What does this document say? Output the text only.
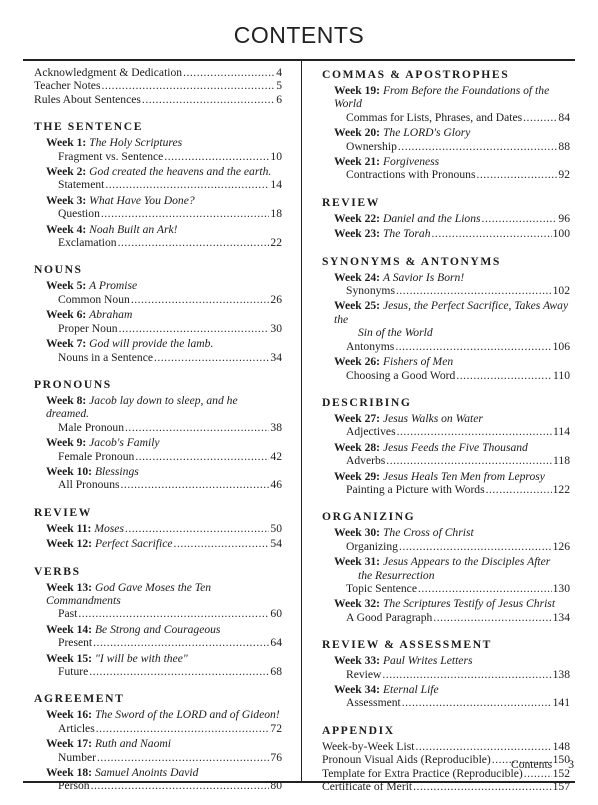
CONTENTS
Acknowledgment & Dedication .....	4
Teacher Notes .....	5
Rules About Sentences .....	6
THE SENTENCE
Week 1: The Holy Scriptures
Fragment vs. Sentence .....	10
Week 2: God created the heavens and the earth.
Statement .....	14
Week 3: What Have You Done?
Question .....	18
Week 4: Noah Built an Ark!
Exclamation .....	22
NOUNS
Week 5: A Promise
Common Noun .....	26
Week 6: Abraham
Proper Noun .....	30
Week 7: God will provide the lamb.
Nouns in a Sentence .....	34
PRONOUNS
Week 8: Jacob lay down to sleep, and he dreamed.
Male Pronoun .....	38
Week 9: Jacob's Family
Female Pronoun .....	42
Week 10: Blessings
All Pronouns .....	46
REVIEW
Week 11: Moses .....	50
Week 12: Perfect Sacrifice .....	54
VERBS
Week 13: God Gave Moses the Ten Commandments
Past .....	60
Week 14: Be Strong and Courageous
Present .....	64
Week 15: "I will be with thee"
Future .....	68
AGREEMENT
Week 16: The Sword of the LORD and of Gideon!
Articles .....	72
Week 17: Ruth and Naomi
Number .....	76
Week 18: Samuel Anoints David
Person .....	80
COMMAS & APOSTROPHES
Week 19: From Before the Foundations of the World
Commas for Lists, Phrases, and Dates .....	84
Week 20: The LORD's Glory
Ownership .....	88
Week 21: Forgiveness
Contractions with Pronouns .....	92
REVIEW
Week 22: Daniel and the Lions .....	96
Week 23: The Torah .....	100
SYNONYMS & ANTONYMS
Week 24: A Savior Is Born!
Synonyms .....	102
Week 25: Jesus, the Perfect Sacrifice, Takes Away the
Sin of the World
Antonyms .....	106
Week 26: Fishers of Men
Choosing a Good Word .....	110
DESCRIBING
Week 27: Jesus Walks on Water
Adjectives .....	114
Week 28: Jesus Feeds the Five Thousand
Adverbs .....	118
Week 29: Jesus Heals Ten Men from Leprosy
Painting a Picture with Words .....	122
ORGANIZING
Week 30: The Cross of Christ
Organizing .....	126
Week 31: Jesus Appears to the Disciples After
the Resurrection
Topic Sentence .....	130
Week 32: The Scriptures Testify of Jesus Christ
A Good Paragraph .....	134
REVIEW & ASSESSMENT
Week 33: Paul Writes Letters
Review .....	138
Week 34: Eternal Life
Assessment .....	141
APPENDIX
Week-by-Week List .....	148
Pronoun Visual Aids (Reproducible) .....	150
Template for Extra Practice (Reproducible) .....	152
Certificate of Merit .....	157
Contents 3
